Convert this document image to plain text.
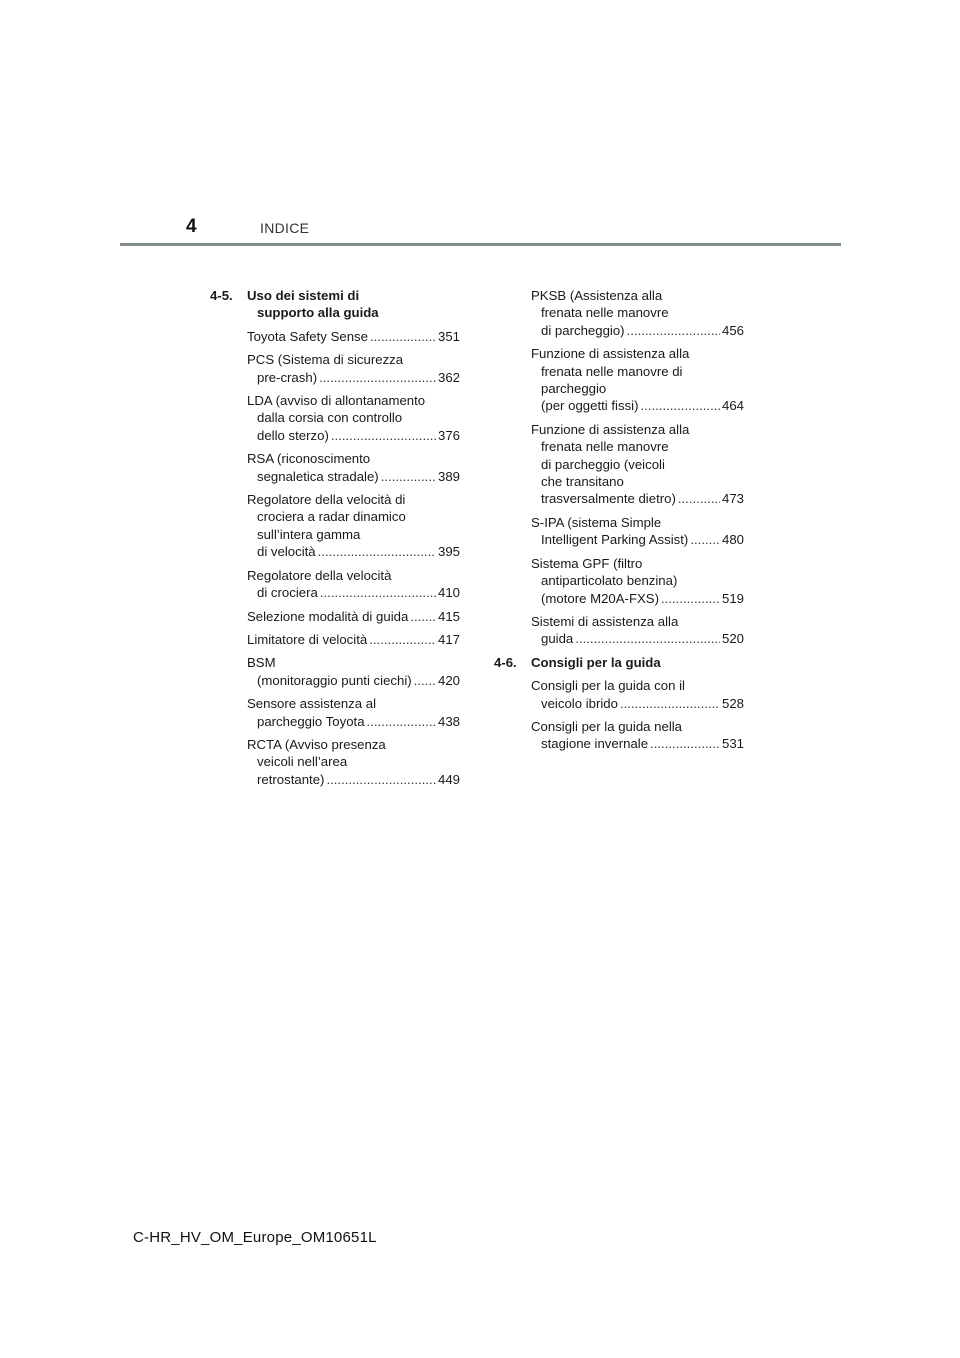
4	INDICE
4-5. Uso dei sistemi di
supporto alla guida
Toyota Safety Sense .....	351
PCS (Sistema di sicurezza
pre-crash) .....	362
LDA (avviso di allontanamento
dalla corsia con controllo
dello sterzo) .....	376
RSA (riconoscimento
segnaletica stradale) .....	389
Regolatore della velocità di
crociera a radar dinamico
sull’intera gamma
di velocità .....	395
Regolatore della velocità
di crociera .....	410
Selezione modalità di guida ..... 415
Limitatore di velocità .....	417
BSM
(monitoraggio punti ciechi) ..... 420
Sensore assistenza al
parcheggio Toyota .....	438
RCTA (Avviso presenza
veicoli nell’area
retrostante) .....	449
PKSB (Assistenza alla
frenata nelle manovre
di parcheggio) .....	456
Funzione di assistenza alla
frenata nelle manovre di
parcheggio
(per oggetti fissi) .....	464
Funzione di assistenza alla
frenata nelle manovre
di parcheggio (veicoli
che transitano
trasversalmente dietro) .....	473
S-IPA (sistema Simple
Intelligent Parking Assist) .....	480
Sistema GPF (filtro
antiparticolato benzina)
(motore M20A-FXS) .....	519
Sistemi di assistenza alla
guida .....	520
4-6. Consigli per la guida
Consigli per la guida con il
veicolo ibrido .....	528
Consigli per la guida nella
stagione invernale .....	531
C-HR_HV_OM_Europe_OM10651L
